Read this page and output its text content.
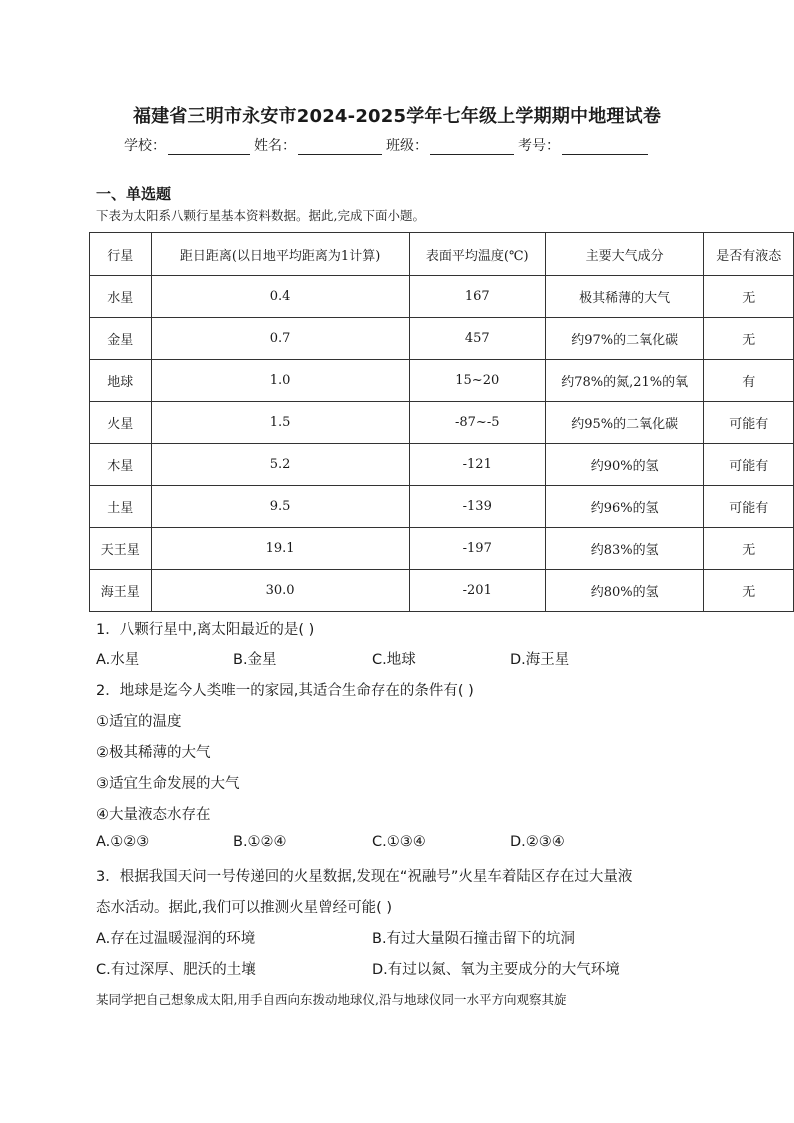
福建省三明市永安市2024-2025学年七年级上学期期中地理试卷
学校：	姓名：	班级：	考号：
一、单选题
下表为太阳系八颗行星基本资料数据。据此,完成下面小题。
行星	距日距离(以日地平均距离为1计算)	表面平均温度(℃)	主要大气成分	是否有液态
水星	0.4	167	极其稀薄的大气	无
金星	0.7	457	约97%的二氧化碳	无
地球	1.0	15~20	约78%的氮,21%的氧	有
火星	1.5	-87~-5	约95%的二氧化碳	可能有
木星	5.2	-121	约90%的氢	可能有
土星	9.5	-139	约96%的氢	可能有
天王星	19.1	-197	约83%的氢	无
海王星	30.0	-201	约80%的氢	无
1．八颗行星中,离太阳最近的是( )
A.水星	B.金星	C.地球	D.海王星
2．地球是迄今人类唯一的家园,其适合生命存在的条件有( )
①适宜的温度
②极其稀薄的大气
③适宜生命发展的大气
④大量液态水存在
A.①②③	B.①②④	C.①③④	D.②③④
3．根据我国天问一号传递回的火星数据,发现在“祝融号”火星车着陆区存在过大量液
态水活动。据此,我们可以推测火星曾经可能( )
A.存在过温暖湿润的环境	B.有过大量陨石撞击留下的坑洞
C.有过深厚、肥沃的土壤	D.有过以氮、氧为主要成分的大气环境
某同学把自己想象成太阳,用手自西向东拨动地球仪,沿与地球仪同一水平方向观察其旋
